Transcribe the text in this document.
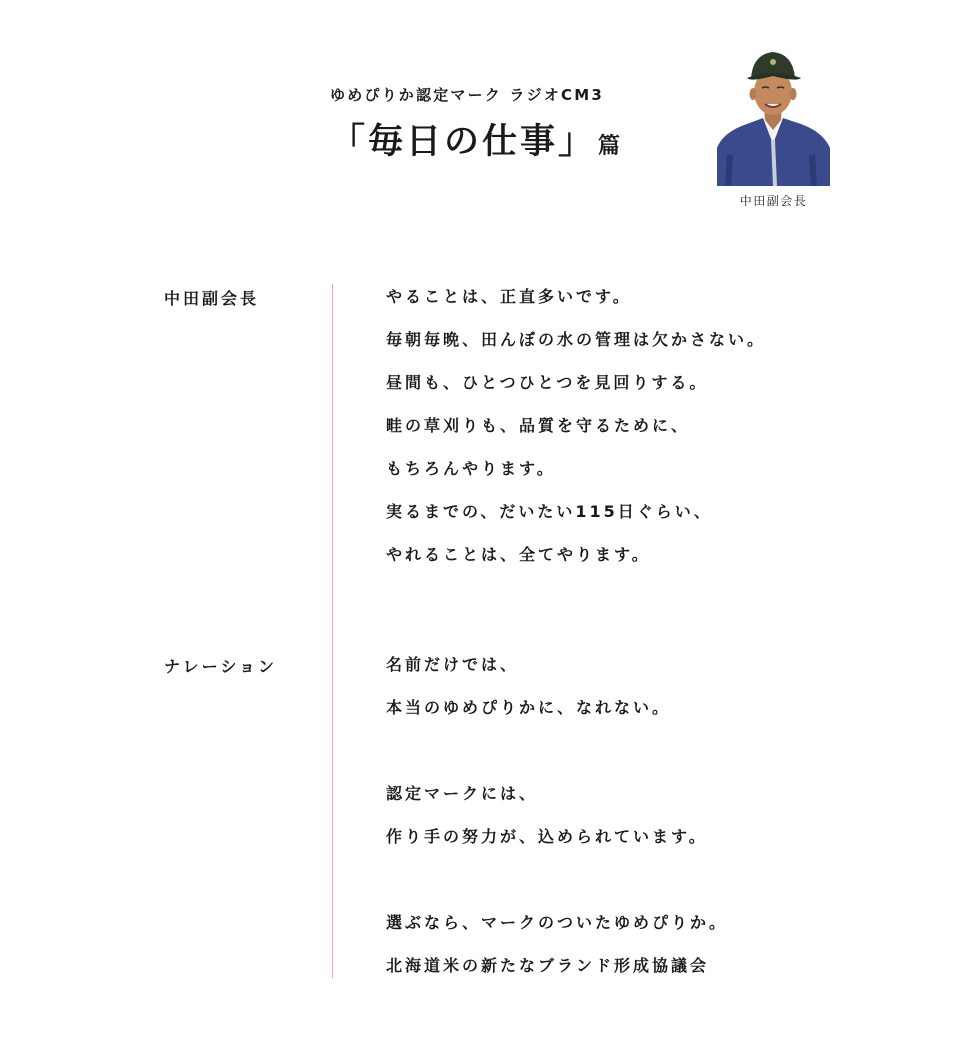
ゆめぴりか認定マーク ラジオCM3
「毎日の仕事」篇
中田副会長
中田副会長	やることは、正直多いです。
毎朝毎晩、田んぼの水の管理は欠かさない。
昼間も、ひとつひとつを見回りする。
畦の草刈りも、品質を守るために、
もちろんやります。
実るまでの、だいたい115日ぐらい、
やれることは、全てやります。
ナレーション	名前だけでは、
本当のゆめぴりかに、なれない。
認定マークには、
作り手の努力が、込められています。
選ぶなら、マークのついたゆめぴりか。
北海道米の新たなブランド形成協議会
